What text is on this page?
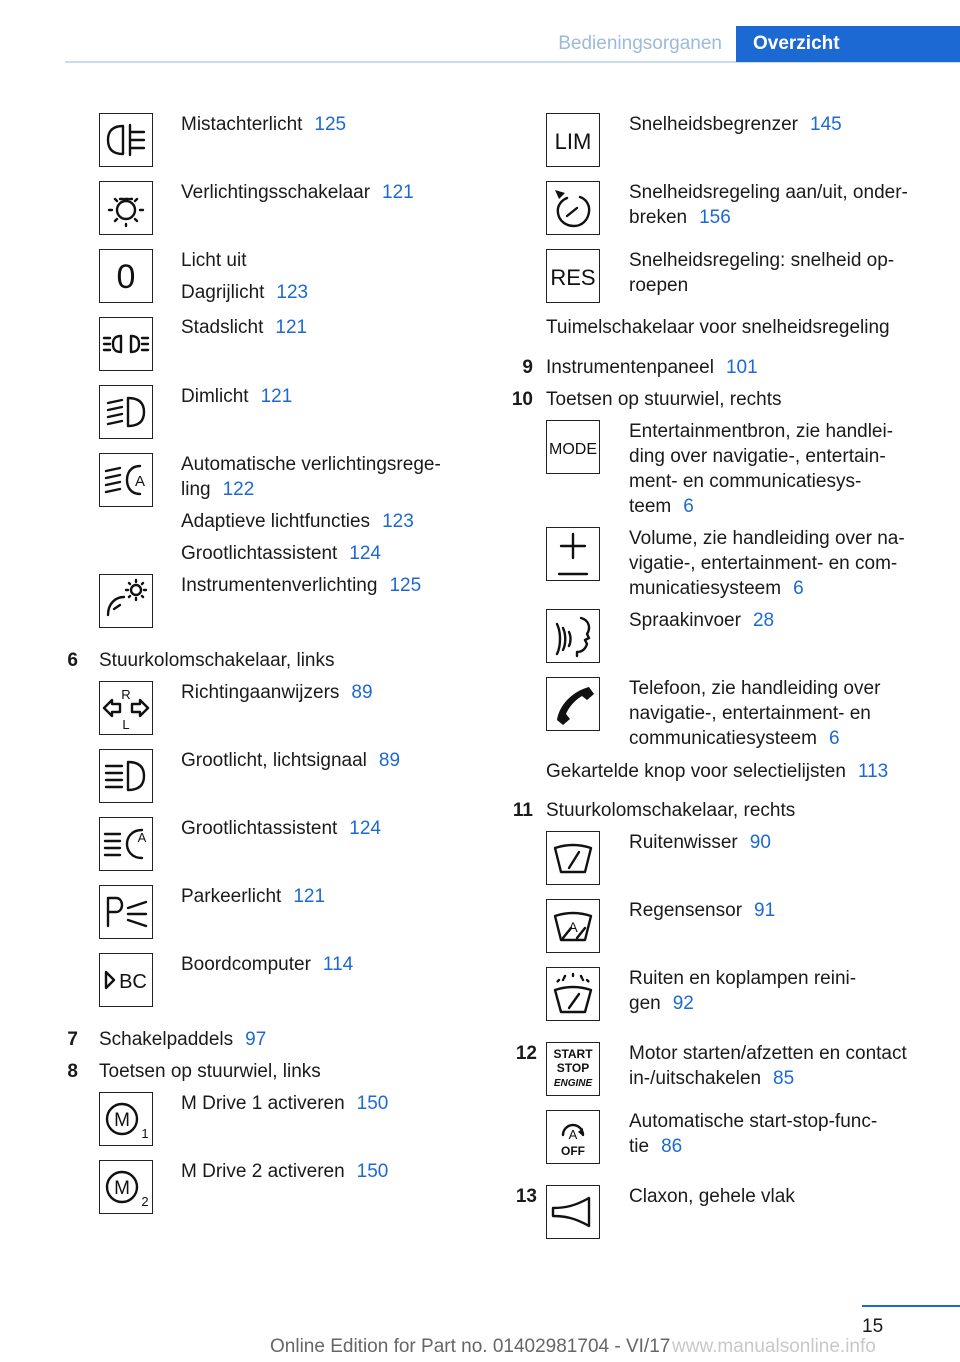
Bedieningsorganen	Overzicht
0
A
Mistachterlicht 125
Verlichtingsschakelaar 121
Licht uit
Dagrijlicht 123
Stadslicht 121
Dimlicht 121
Automatische verlichtingsrege-
ling 122
Adaptieve lichtfuncties 123
Grootlichtassistent 124
Instrumentenverlichting 125
6 Stuurkolomschakelaar, links
R
L
A
BC
Richtingaanwijzers 89
Grootlicht, lichtsignaal 89
Grootlichtassistent 124
Parkeerlicht 121
Boordcomputer 114
7 Schakelpaddels 97
8 Toetsen op stuurwiel, links
M
1
M
2
M Drive 1 activeren 150
M Drive 2 activeren 150
LIM
RES
Snelheidsbegrenzer 145
Snelheidsregeling aan/uit, onder-
breken 156
Snelheidsregeling: snelheid op-
roepen
Tuimelschakelaar voor snelheidsregeling
9 Instrumentenpaneel 101
10 Toetsen op stuurwiel, rechts
MODE
Entertainmentbron, zie handlei-
ding over navigatie-, entertain-
ment- en communicatiesys-
teem 6
Volume, zie handleiding over na-
vigatie-, entertainment- en com-
municatiesysteem 6
Spraakinvoer 28
Telefoon, zie handleiding over
navigatie-, entertainment- en
communicatiesysteem 6
Gekartelde knop voor selectielijsten 113
11 Stuurkolomschakelaar, rechts
A
Ruitenwisser 90
Regensensor 91
Ruiten en koplampen reini-
gen 92
12 START
STOP
ENGINE
A
OFF
Motor starten/afzetten en contact
in-/uitschakelen 85
Automatische start-stop-func-
tie 86
13	Claxon, gehele vlak
15
Online Edition for Part no. 01402981704 - VI/17 www.manualsonline.info
